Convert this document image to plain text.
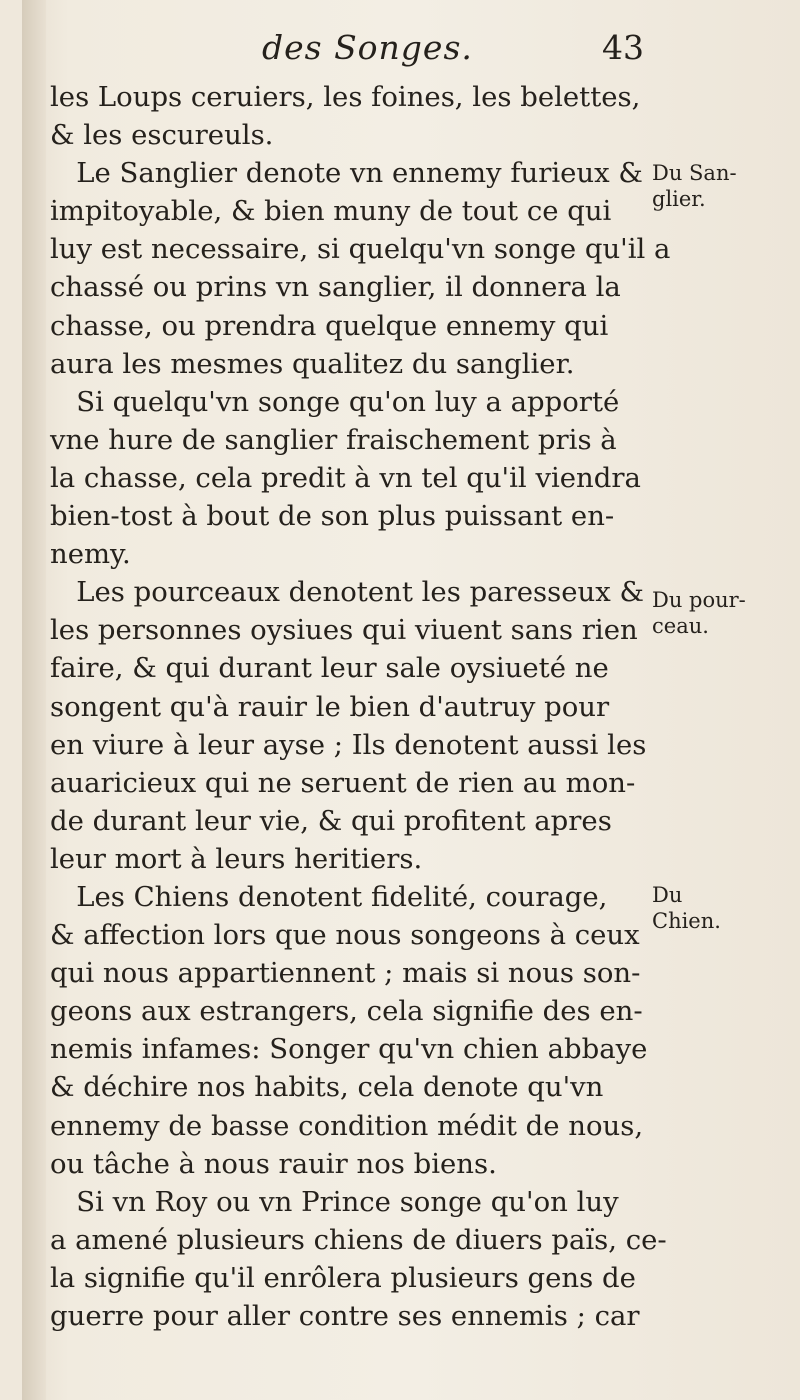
des Songes.	43
les Loups ceruiers, les foines, les belettes,
& les escureuls.
Le Sanglier denote vn ennemy furieux &
impitoyable, & bien muny de tout ce qui
luy est necessaire, si quelqu'vn songe qu'il a
chassé ou prins vn sanglier, il donnera la
chasse, ou prendra quelque ennemy qui
aura les mesmes qualitez du sanglier.
Si quelqu'vn songe qu'on luy a apporté
vne hure de sanglier fraischement pris à
la chasse, cela predit à vn tel qu'il viendra
bien-tost à bout de son plus puissant en-
nemy.
Les pourceaux denotent les paresseux &
les personnes oysiues qui viuent sans rien
faire, & qui durant leur sale oysiueté ne
songent qu'à rauir le bien d'autruy pour
en viure à leur ayse ; Ils denotent aussi les
auaricieux qui ne seruent de rien au mon-
de durant leur vie, & qui profitent apres
leur mort à leurs heritiers.
Les Chiens denotent fidelité, courage,
& affection lors que nous songeons à ceux
qui nous appartiennent ; mais si nous son-
geons aux estrangers, cela signifie des en-
nemis infames: Songer qu'vn chien abbaye
& déchire nos habits, cela denote qu'vn
ennemy de basse condition médit de nous,
ou tâche à nous rauir nos biens.
Si vn Roy ou vn Prince songe qu'on luy
a amené plusieurs chiens de diuers païs, ce-
la signifie qu'il enrôlera plusieurs gens de
guerre pour aller contre ses ennemis ; car
Du San-
glier.
Du pour-
ceau.
Du
Chien.
